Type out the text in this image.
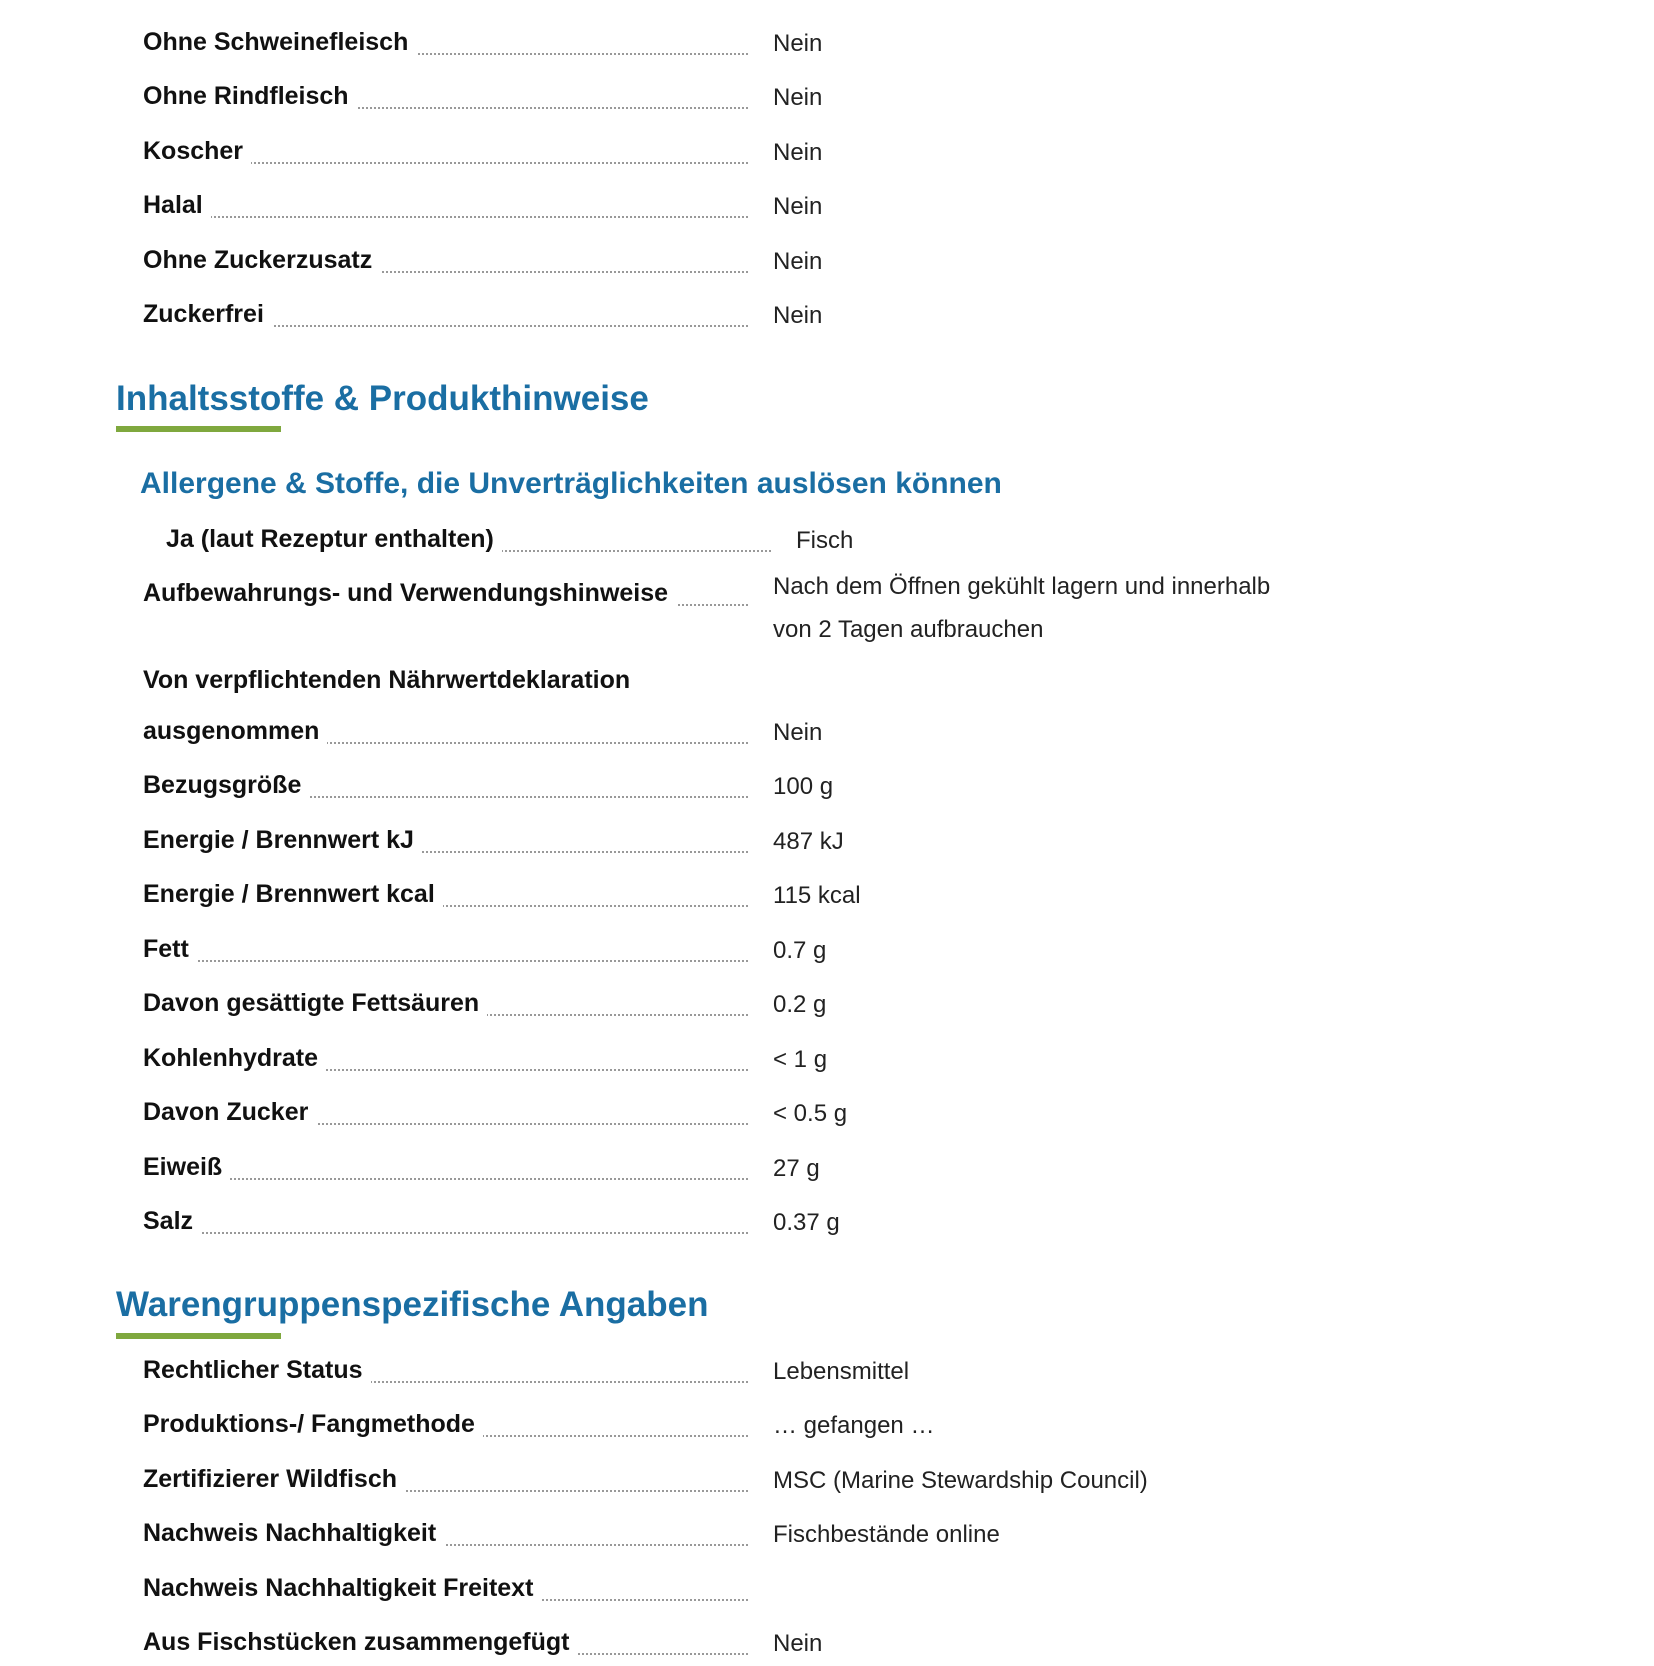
Ohne Schweinefleisch	Nein
Ohne Rindfleisch	Nein
Koscher	Nein
Halal	Nein
Ohne Zuckerzusatz	Nein
Zuckerfrei	Nein
Inhaltsstoffe & Produkthinweise
Allergene & Stoffe, die Unverträglichkeiten auslösen können
Ja (laut Rezeptur enthalten)	Fisch
Aufbewahrungs- und Verwendungshinweise	Nach dem Öffnen gekühlt lagern und innerhalb
von 2 Tagen aufbrauchen
Von verpflichtenden Nährwertdeklaration
ausgenommen	Nein
Bezugsgröße	100 g
Energie / Brennwert kJ	487 kJ
Energie / Brennwert kcal	115 kcal
Fett	0.7 g
Davon gesättigte Fettsäuren	0.2 g
Kohlenhydrate	< 1 g
Davon Zucker	< 0.5 g
Eiweiß	27 g
Salz	0.37 g
Warengruppenspezifische Angaben
Rechtlicher Status	Lebensmittel
Produktions-/ Fangmethode	… gefangen …
Zertifizierer Wildfisch	MSC (Marine Stewardship Council)
Nachweis Nachhaltigkeit	Fischbestände online
Nachweis Nachhaltigkeit Freitext
Aus Fischstücken zusammengefügt	Nein
